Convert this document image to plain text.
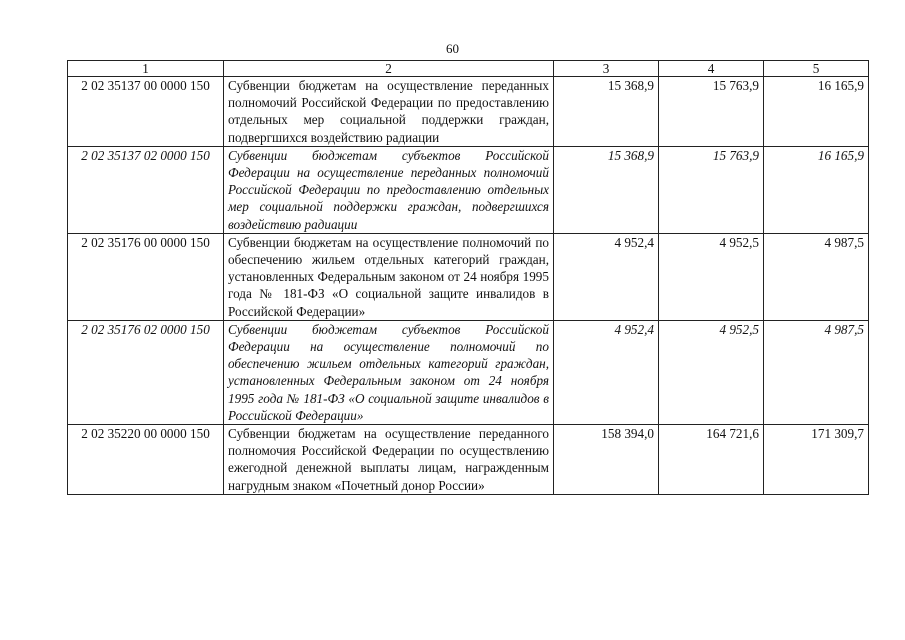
60
1	2	3	4	5
2 02 35137 00 0000 150	Субвенции бюджетам на осуществление переданных полномочий Российской Федерации по предоставлению отдельных мер социальной поддержки граждан, подвергшихся воздействию радиации	15 368,9	15 763,9	16 165,9
2 02 35137 02 0000 150	Субвенции бюджетам субъектов Российской Федерации на осуществление переданных полномочий Российской Федерации по предоставлению отдельных мер социальной поддержки граждан, подвергшихся воздействию радиации	15 368,9	15 763,9	16 165,9
2 02 35176 00 0000 150	Субвенции бюджетам на осуществление полномочий по обеспечению жильем отдельных категорий граждан, установленных Федеральным законом от 24 ноября 1995 года № 181-ФЗ «О социальной защите инвалидов в Российской Федерации»	4 952,4	4 952,5	4 987,5
2 02 35176 02 0000 150	Субвенции бюджетам субъектов Российской Федерации на осуществление полномочий по обеспечению жильем отдельных категорий граждан, установленных Федеральным законом от 24 ноября 1995 года № 181-ФЗ «О социальной защите инвалидов в Российской Федерации»	4 952,4	4 952,5	4 987,5
2 02 35220 00 0000 150	Субвенции бюджетам на осуществление переданного полномочия Российской Федерации по осуществлению ежегодной денежной выплаты лицам, награжденным нагрудным знаком «Почетный донор России»	158 394,0	164 721,6	171 309,7
